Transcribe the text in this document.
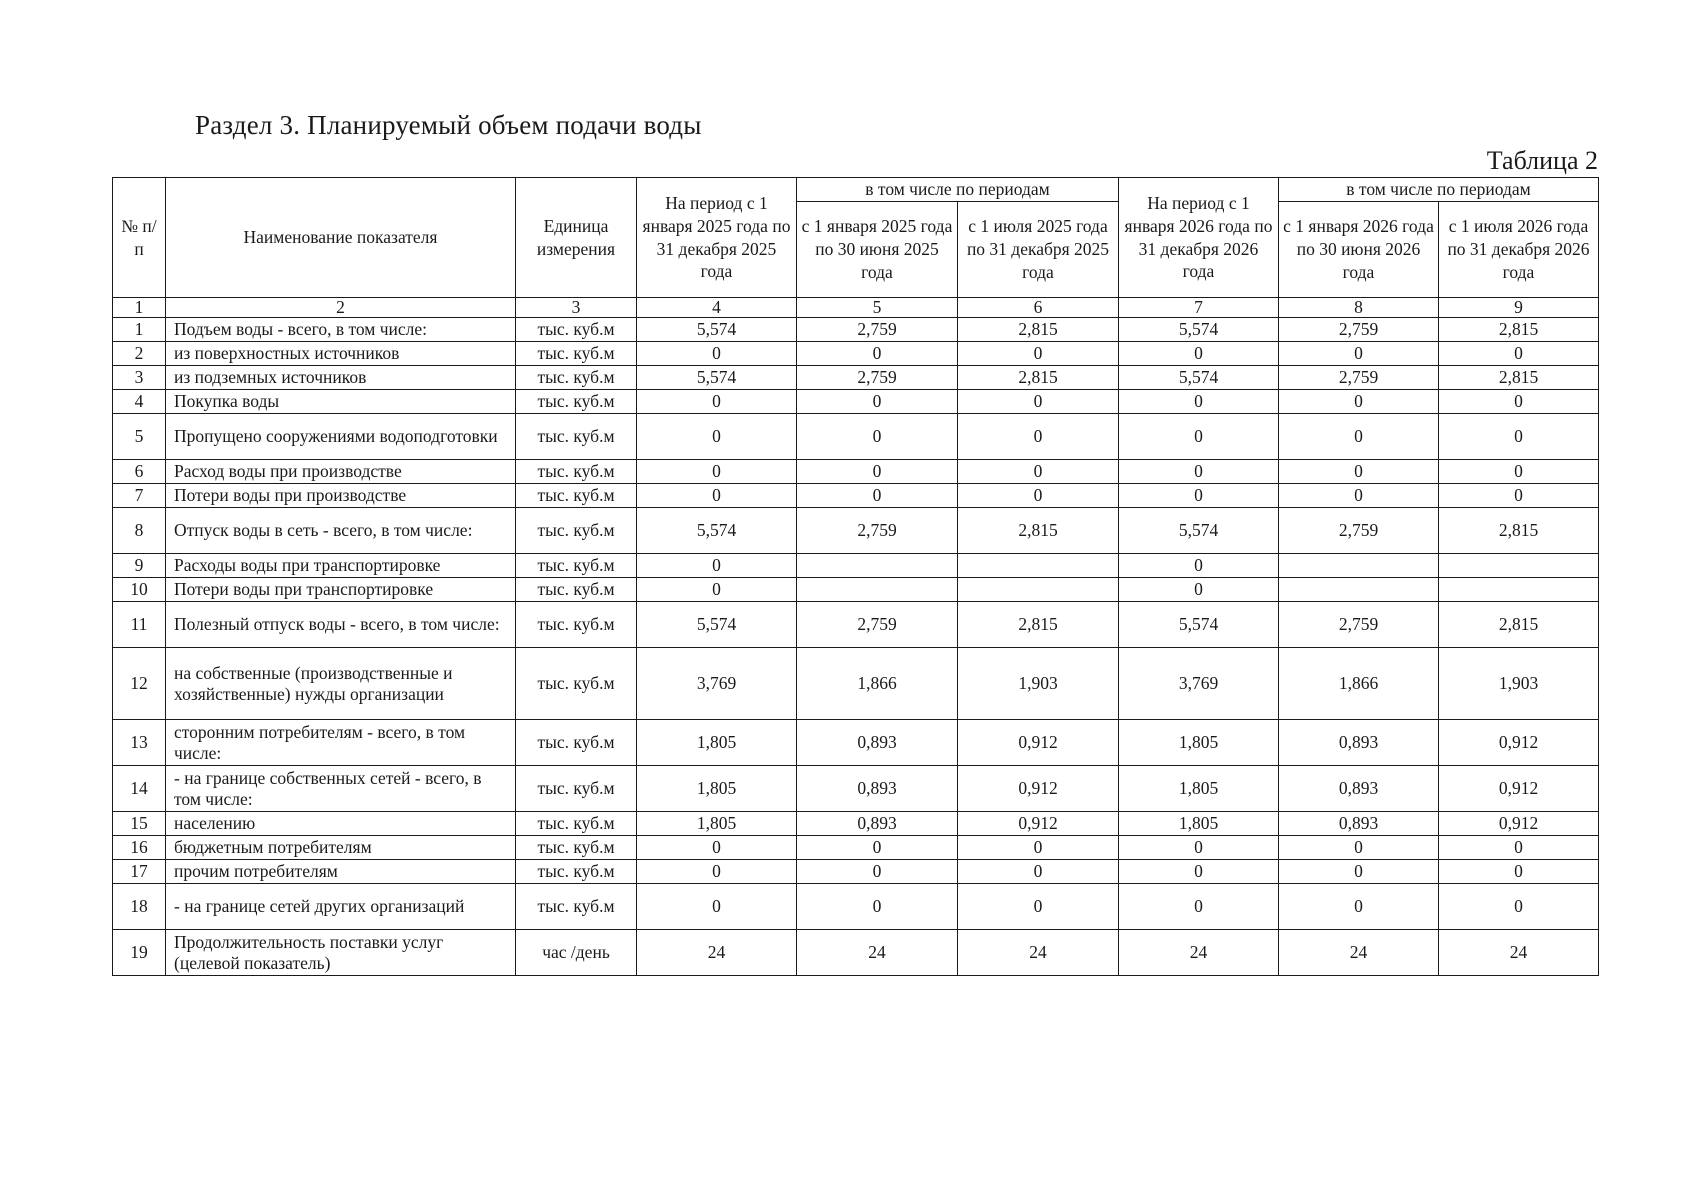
Раздел 3. Планируемый объем подачи воды
Таблица 2
№ п/п	Наименование показателя	Единица измерения	На период с 1 января 2025 года по 31 декабря 2025 года	в том числе по периодам		На период с 1 января 2026 года по 31 декабря 2026 года	в том числе по периодам	
				с 1 января 2025 года по 30 июня 2025 года	с 1 июля 2025 года по 31 декабря 2025 года		с 1 января 2026 года по 30 июня 2026 года	с 1 июля 2026 года по 31 декабря 2026 года
1	2	3	4	5	6	7	8	9
1	Подъем воды - всего, в том числе:	тыс. куб.м	5,574	2,759	2,815	5,574	2,759	2,815
2	из поверхностных источников	тыс. куб.м	0	0	0	0	0	0
3	из подземных источников	тыс. куб.м	5,574	2,759	2,815	5,574	2,759	2,815
4	Покупка воды	тыс. куб.м	0	0	0	0	0	0
5	Пропущено сооружениями водоподготовки	тыс. куб.м	0	0	0	0	0	0
6	Расход воды при производстве	тыс. куб.м	0	0	0	0	0	0
7	Потери воды при производстве	тыс. куб.м	0	0	0	0	0	0
8	Отпуск воды в сеть - всего, в том числе:	тыс. куб.м	5,574	2,759	2,815	5,574	2,759	2,815
9	Расходы воды при транспортировке	тыс. куб.м	0			0		
10	Потери воды при транспортировке	тыс. куб.м	0			0		
11	Полезный отпуск воды - всего, в том числе:	тыс. куб.м	5,574	2,759	2,815	5,574	2,759	2,815
12	на собственные (производственные и хозяйственные) нужды организации	тыс. куб.м	3,769	1,866	1,903	3,769	1,866	1,903
13	сторонним потребителям - всего, в том числе:	тыс. куб.м	1,805	0,893	0,912	1,805	0,893	0,912
14	- на границе собственных сетей - всего, в том числе:	тыс. куб.м	1,805	0,893	0,912	1,805	0,893	0,912
15	населению	тыс. куб.м	1,805	0,893	0,912	1,805	0,893	0,912
16	бюджетным потребителям	тыс. куб.м	0	0	0	0	0	0
17	прочим потребителям	тыс. куб.м	0	0	0	0	0	0
18	- на границе сетей других организаций	тыс. куб.м	0	0	0	0	0	0
19	Продолжительность поставки услуг (целевой показатель)	час /день	24	24	24	24	24	24
